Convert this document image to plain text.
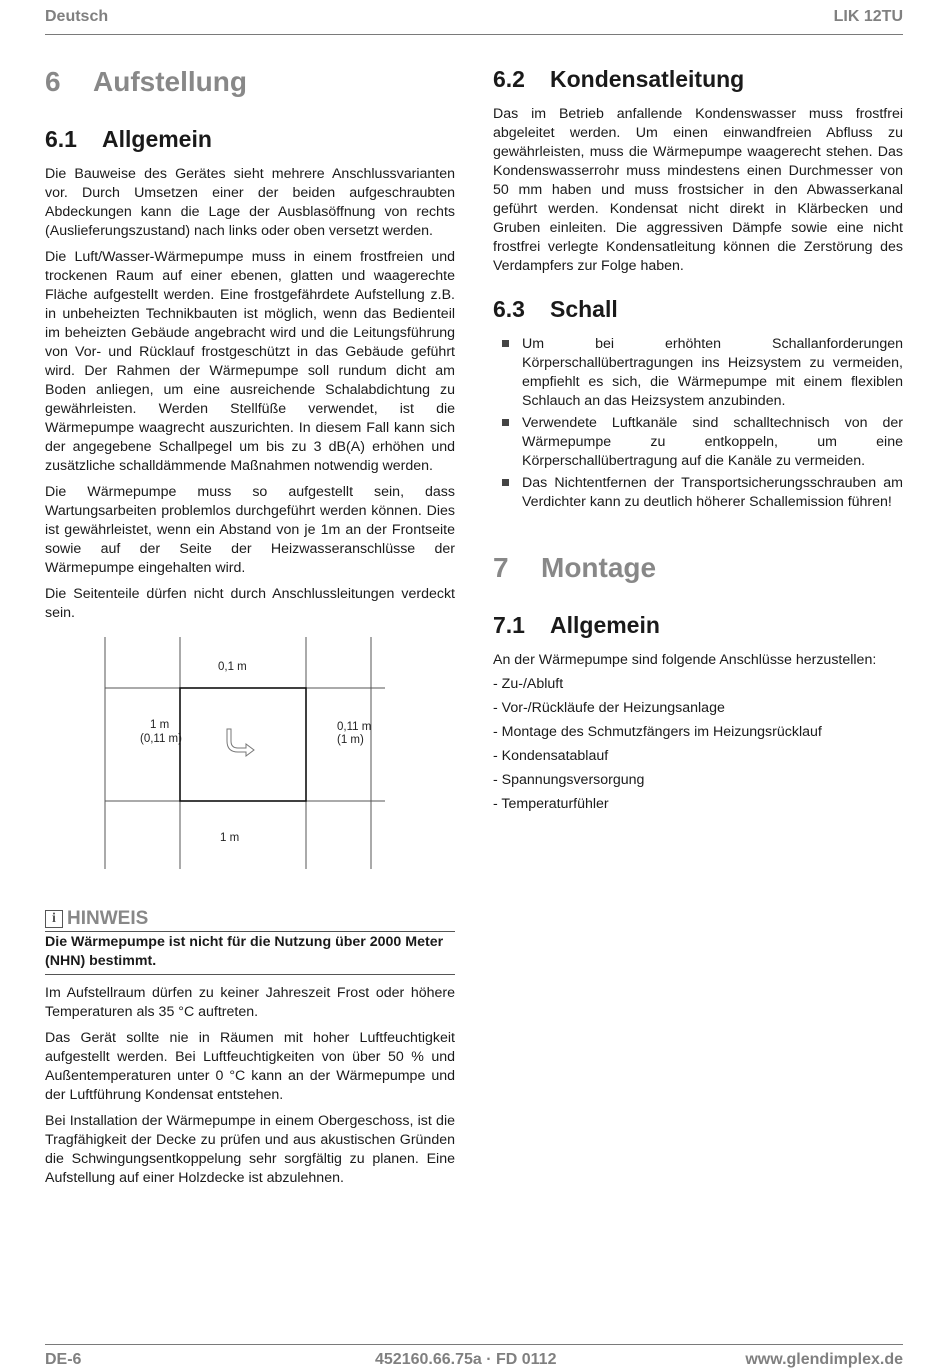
Deutsch	LIK 12TU
6	Aufstellung
6.1	Allgemein

Die Bauweise des Gerätes sieht mehrere Anschlussvarianten vor. Durch Umsetzen einer der beiden aufgeschraubten Abdeckungen kann die Lage der Ausblasöffnung von rechts (Auslieferungszustand) nach links oder oben versetzt werden.

Die Luft/Wasser-Wärmepumpe muss in einem frostfreien und trockenen Raum auf einer ebenen, glatten und waagerechte Fläche aufgestellt werden. Eine frostgefährdete Aufstellung z.B. in unbeheizten Technikbauten ist möglich, wenn das Bedienteil im beheizten Gebäude angebracht wird und die Leitungsführung von Vor- und Rücklauf frostgeschützt in das Gebäude geführt wird. Der Rahmen der Wärmepumpe soll rundum dicht am Boden anliegen, um eine ausreichende Schalabdichtung zu gewährleisten. Werden Stellfüße verwendet, ist die Wärmepumpe waagrecht auszurichten. In diesem Fall kann sich der angegebene Schallpegel um bis zu 3 dB(A) erhöhen und zusätzliche schalldämmende Maßnahmen notwendig werden.

Die Wärmepumpe muss so aufgestellt sein, dass Wartungsarbeiten problemlos durchgeführt werden können. Dies ist gewährleistet, wenn ein Abstand von je 1m an der Frontseite sowie auf der Seite der Heizwasseranschlüsse der Wärmepumpe eingehalten wird.

Die Seitenteile dürfen nicht durch Anschlussleitungen verdeckt sein.

0,1 m
1 m
(0,11 m)
0,11 m
(1 m)
1 m
i HINWEIS
Die Wärmepumpe ist nicht für die Nutzung über 2000 Meter (NHN) bestimmt.

Im Aufstellraum dürfen zu keiner Jahreszeit Frost oder höhere Temperaturen als 35 °C auftreten.

Das Gerät sollte nie in Räumen mit hoher Luftfeuchtigkeit aufgestellt werden. Bei Luftfeuchtigkeiten von über 50 % und Außentemperaturen unter 0 °C kann an der Wärmepumpe und der Luftführung Kondensat entstehen.

Bei Installation der Wärmepumpe in einem Obergeschoss, ist die Tragfähigkeit der Decke zu prüfen und aus akustischen Gründen die Schwingungsentkoppelung sehr sorgfältig zu planen. Eine Aufstellung auf einer Holzdecke ist abzulehnen.

6.2	Kondensatleitung

Das im Betrieb anfallende Kondenswasser muss frostfrei abgeleitet werden. Um einen einwandfreien Abfluss zu gewährleisten, muss die Wärmepumpe waagerecht stehen. Das Kondenswasserrohr muss mindestens einen Durchmesser von 50 mm haben und muss frostsicher in den Abwasserkanal geführt werden. Kondensat nicht direkt in Klärbecken und Gruben einleiten. Die aggressiven Dämpfe sowie eine nicht frostfrei verlegte Kondensatleitung können die Zerstörung des Verdampfers zur Folge haben.

6.3	Schall
Um bei erhöhten Schallanforderungen Körperschallübertragungen ins Heizsystem zu vermeiden, empfiehlt es sich, die Wärmepumpe mit einem flexiblen Schlauch an das Heizsystem anzubinden.
Verwendete Luftkanäle sind schalltechnisch von der Wärmepumpe zu entkoppeln, um eine Körperschallübertragung auf die Kanäle zu vermeiden.
Das Nichtentfernen der Transportsicherungsschrauben am Verdichter kann zu deutlich höherer Schallemission führen!
7	Montage
7.1	Allgemein

An der Wärmepumpe sind folgende Anschlüsse herzustellen:

- Zu-/Abluft
- Vor-/Rückläufe der Heizungsanlage
- Montage des Schmutzfängers im Heizungsrücklauf
- Kondensatablauf
- Spannungsversorgung
- Temperaturfühler
DE-6	452160.66.75a · FD 0112	www.glendimplex.de
